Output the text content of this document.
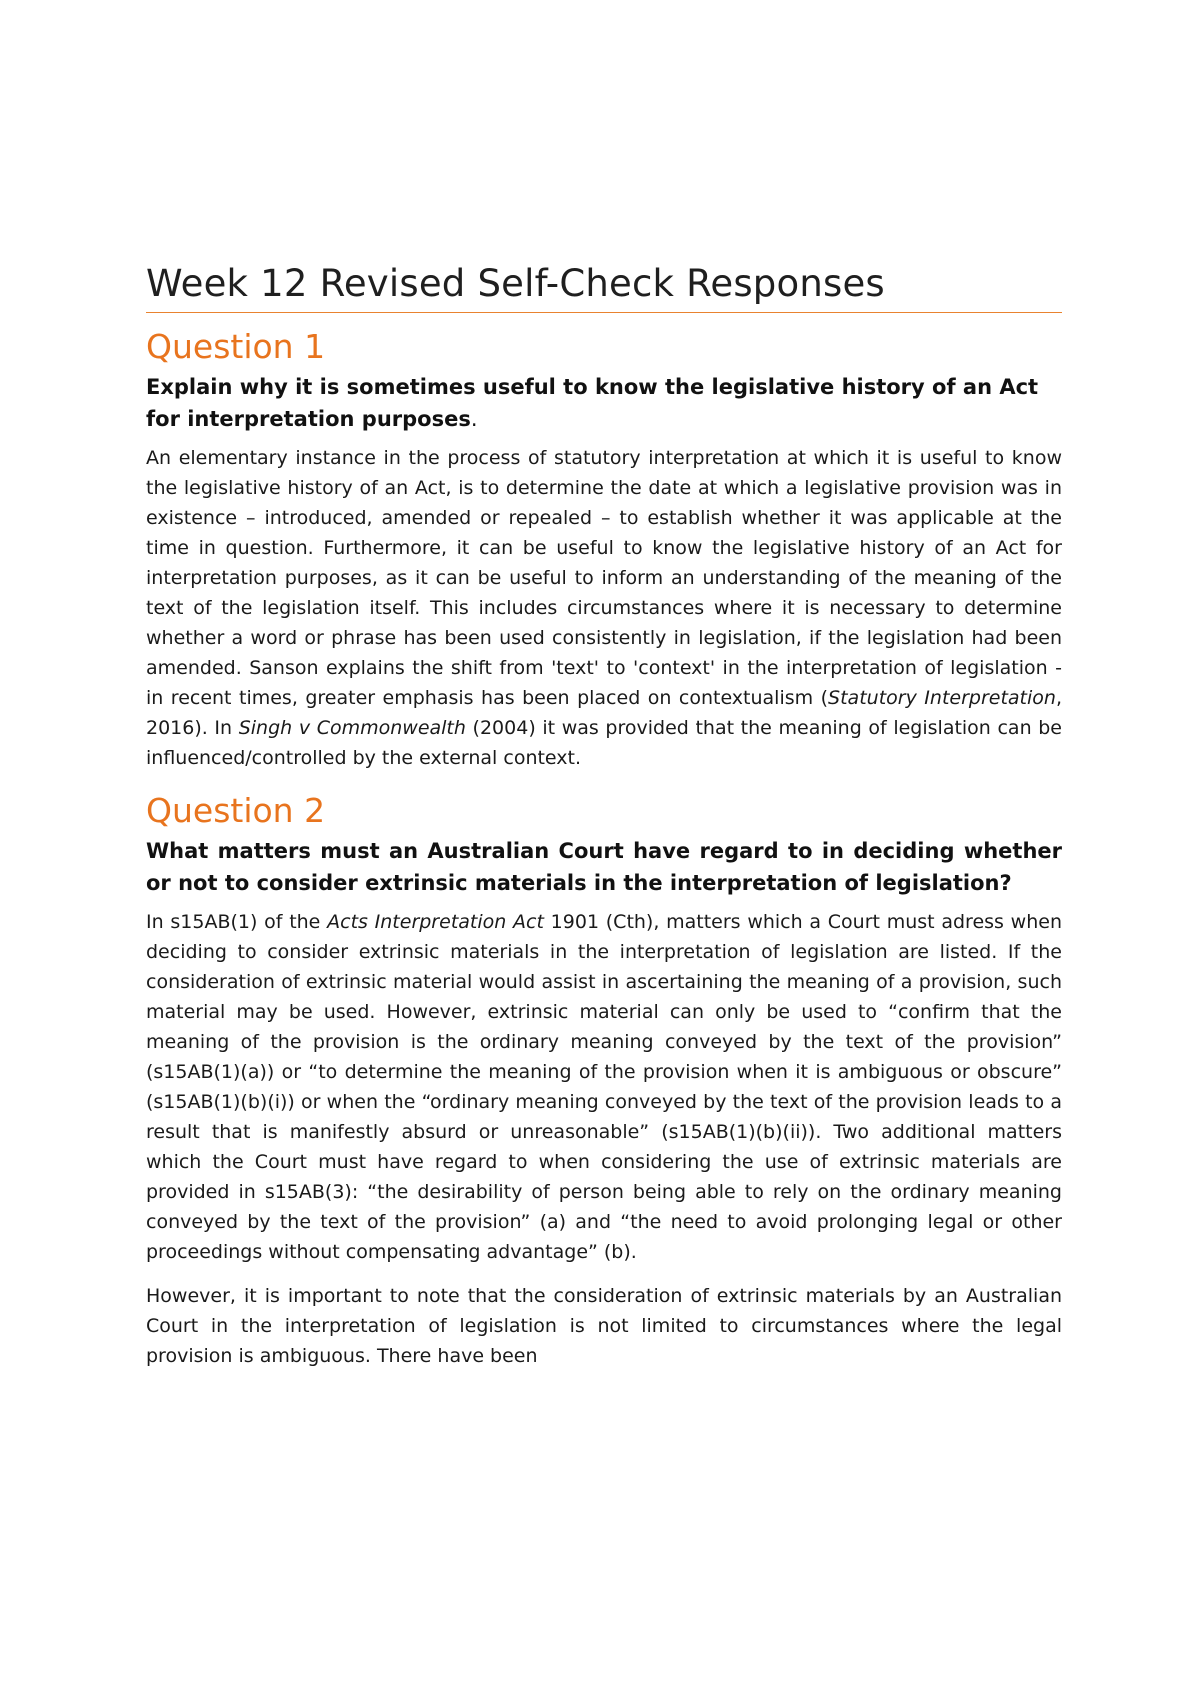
Week 12 Revised Self-Check Responses
Question 1

Explain why it is sometimes useful to know the legislative history of an Act for interpretation purposes.

An elementary instance in the process of statutory interpretation at which it is useful to know the legislative history of an Act, is to determine the date at which a legislative provision was in existence – introduced, amended or repealed – to establish whether it was applicable at the time in question. Furthermore, it can be useful to know the legislative history of an Act for interpretation purposes, as it can be useful to inform an understanding of the meaning of the text of the legislation itself. This includes circumstances where it is necessary to determine whether a word or phrase has been used consistently in legislation, if the legislation had been amended. Sanson explains the shift from 'text' to 'context' in the interpretation of legislation - in recent times, greater emphasis has been placed on contextualism (Statutory Interpretation, 2016). In Singh v Commonwealth (2004) it was provided that the meaning of legislation can be influenced/controlled by the external context.

Question 2

What matters must an Australian Court have regard to in deciding whether or not to consider extrinsic materials in the interpretation of legislation?

In s15AB(1) of the Acts Interpretation Act 1901 (Cth), matters which a Court must adress when deciding to consider extrinsic materials in the interpretation of legislation are listed. If the consideration of extrinsic material would assist in ascertaining the meaning of a provision, such material may be used. However, extrinsic material can only be used to “confirm that the meaning of the provision is the ordinary meaning conveyed by the text of the provision” (s15AB(1)(a)) or “to determine the meaning of the provision when it is ambiguous or obscure” (s15AB(1)(b)(i)) or when the “ordinary meaning conveyed by the text of the provision leads to a result that is manifestly absurd or unreasonable” (s15AB(1)(b)(ii)). Two additional matters which the Court must have regard to when considering the use of extrinsic materials are provided in s15AB(3): “the desirability of person being able to rely on the ordinary meaning conveyed by the text of the provision” (a) and “the need to avoid prolonging legal or other proceedings without compensating advantage” (b).

However, it is important to note that the consideration of extrinsic materials by an Australian Court in the interpretation of legislation is not limited to circumstances where the legal provision is ambiguous. There have been
